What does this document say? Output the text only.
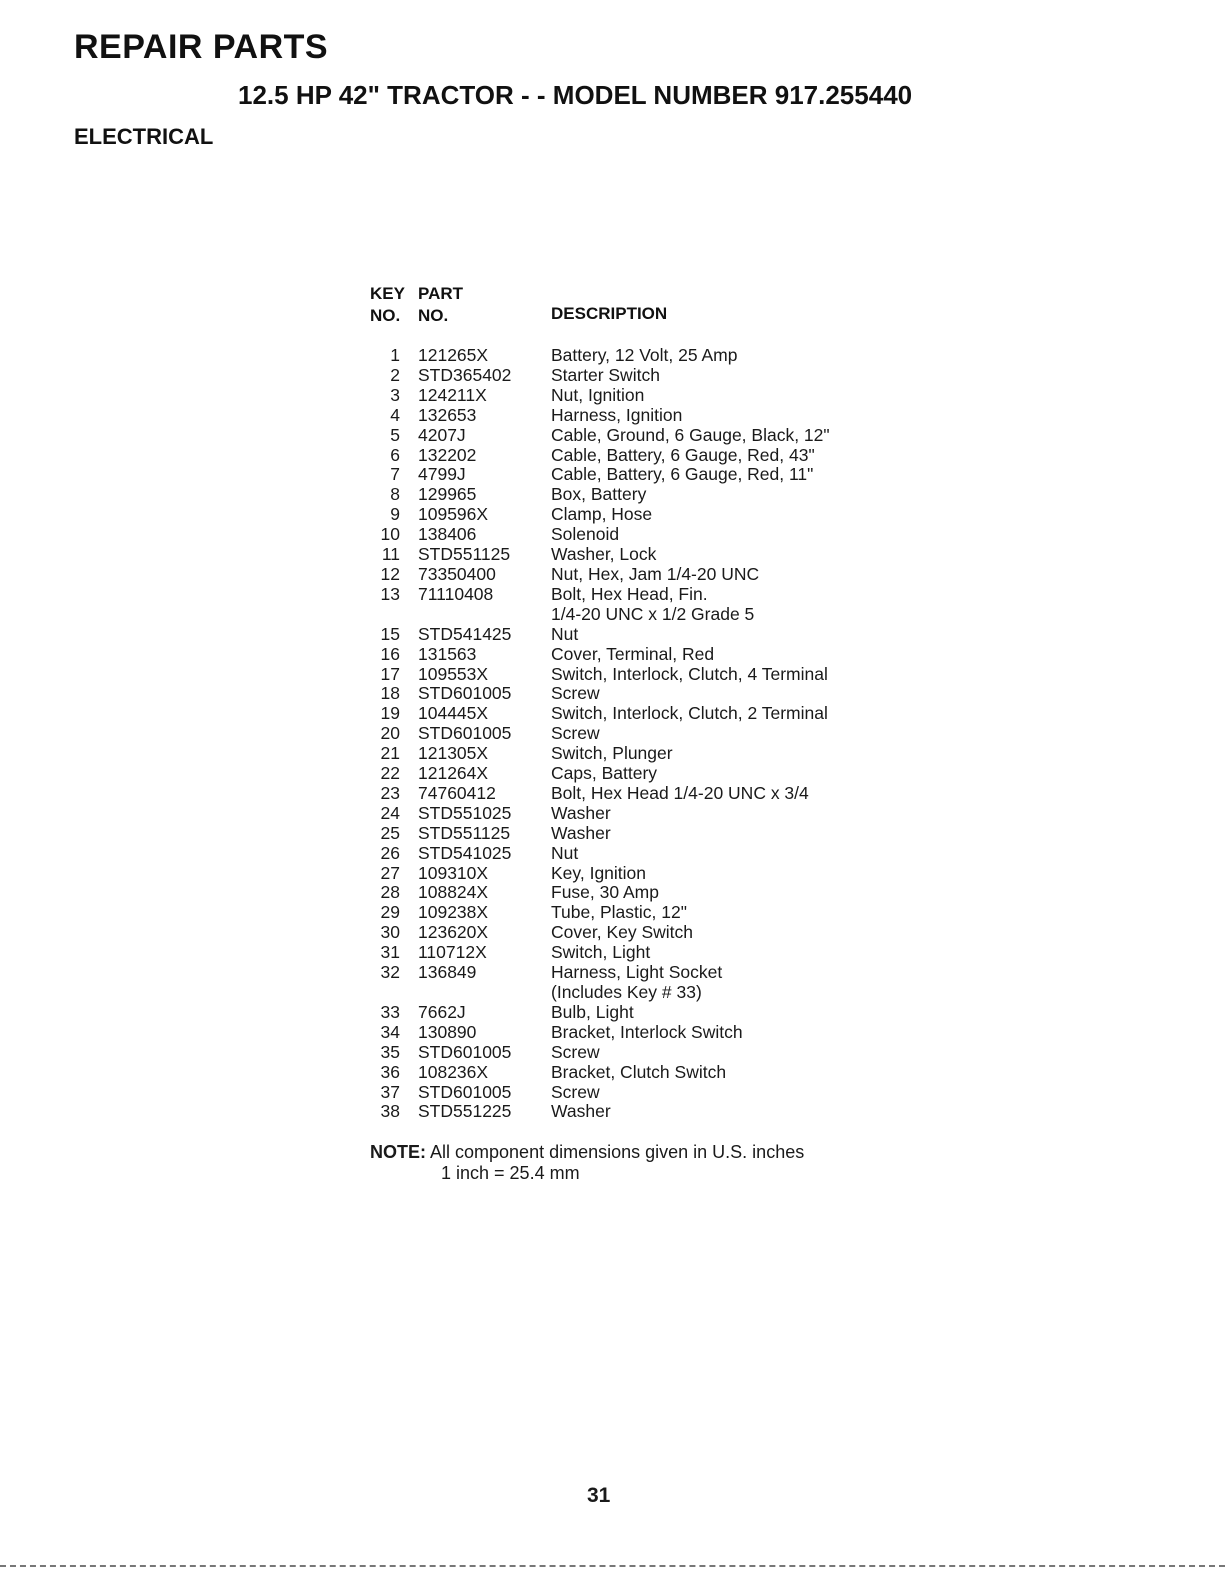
REPAIR PARTS
12.5 HP 42" TRACTOR - - MODEL NUMBER 917.255440
ELECTRICAL
KEY
NO.
PART
NO.	DESCRIPTION
1 121265X	Battery, 12 Volt, 25 Amp
2 STD365402	Starter Switch
3 124211X	Nut, Ignition
4 132653	Harness, Ignition
5 4207J	Cable, Ground, 6 Gauge, Black, 12"
6 132202	Cable, Battery, 6 Gauge, Red, 43"
7 4799J	Cable, Battery, 6 Gauge, Red, 11"
8 129965	Box, Battery
9 109596X	Clamp, Hose
10 138406	Solenoid
11 STD551125	Washer, Lock
12 73350400	Nut, Hex, Jam 1/4-20 UNC
13 71110408	Bolt, Hex Head, Fin.
1/4-20 UNC x 1/2 Grade 5
15 STD541425	Nut
16 131563	Cover, Terminal, Red
17 109553X	Switch, Interlock, Clutch, 4 Terminal
18 STD601005	Screw
19 104445X	Switch, Interlock, Clutch, 2 Terminal
20 STD601005	Screw
21 121305X	Switch, Plunger
22 121264X	Caps, Battery
23 74760412	Bolt, Hex Head 1/4-20 UNC x 3/4
24 STD551025	Washer
25 STD551125	Washer
26 STD541025	Nut
27 109310X	Key, Ignition
28 108824X	Fuse, 30 Amp
29 109238X	Tube, Plastic, 12"
30 123620X	Cover, Key Switch
31 110712X	Switch, Light
32 136849	Harness, Light Socket
(Includes Key # 33)
33 7662J	Bulb, Light
34 130890	Bracket, Interlock Switch
35 STD601005	Screw
36 108236X	Bracket, Clutch Switch
37 STD601005	Screw
38 STD551225	Washer
NOTE: All component dimensions given in U.S. inches
1 inch = 25.4 mm
31
